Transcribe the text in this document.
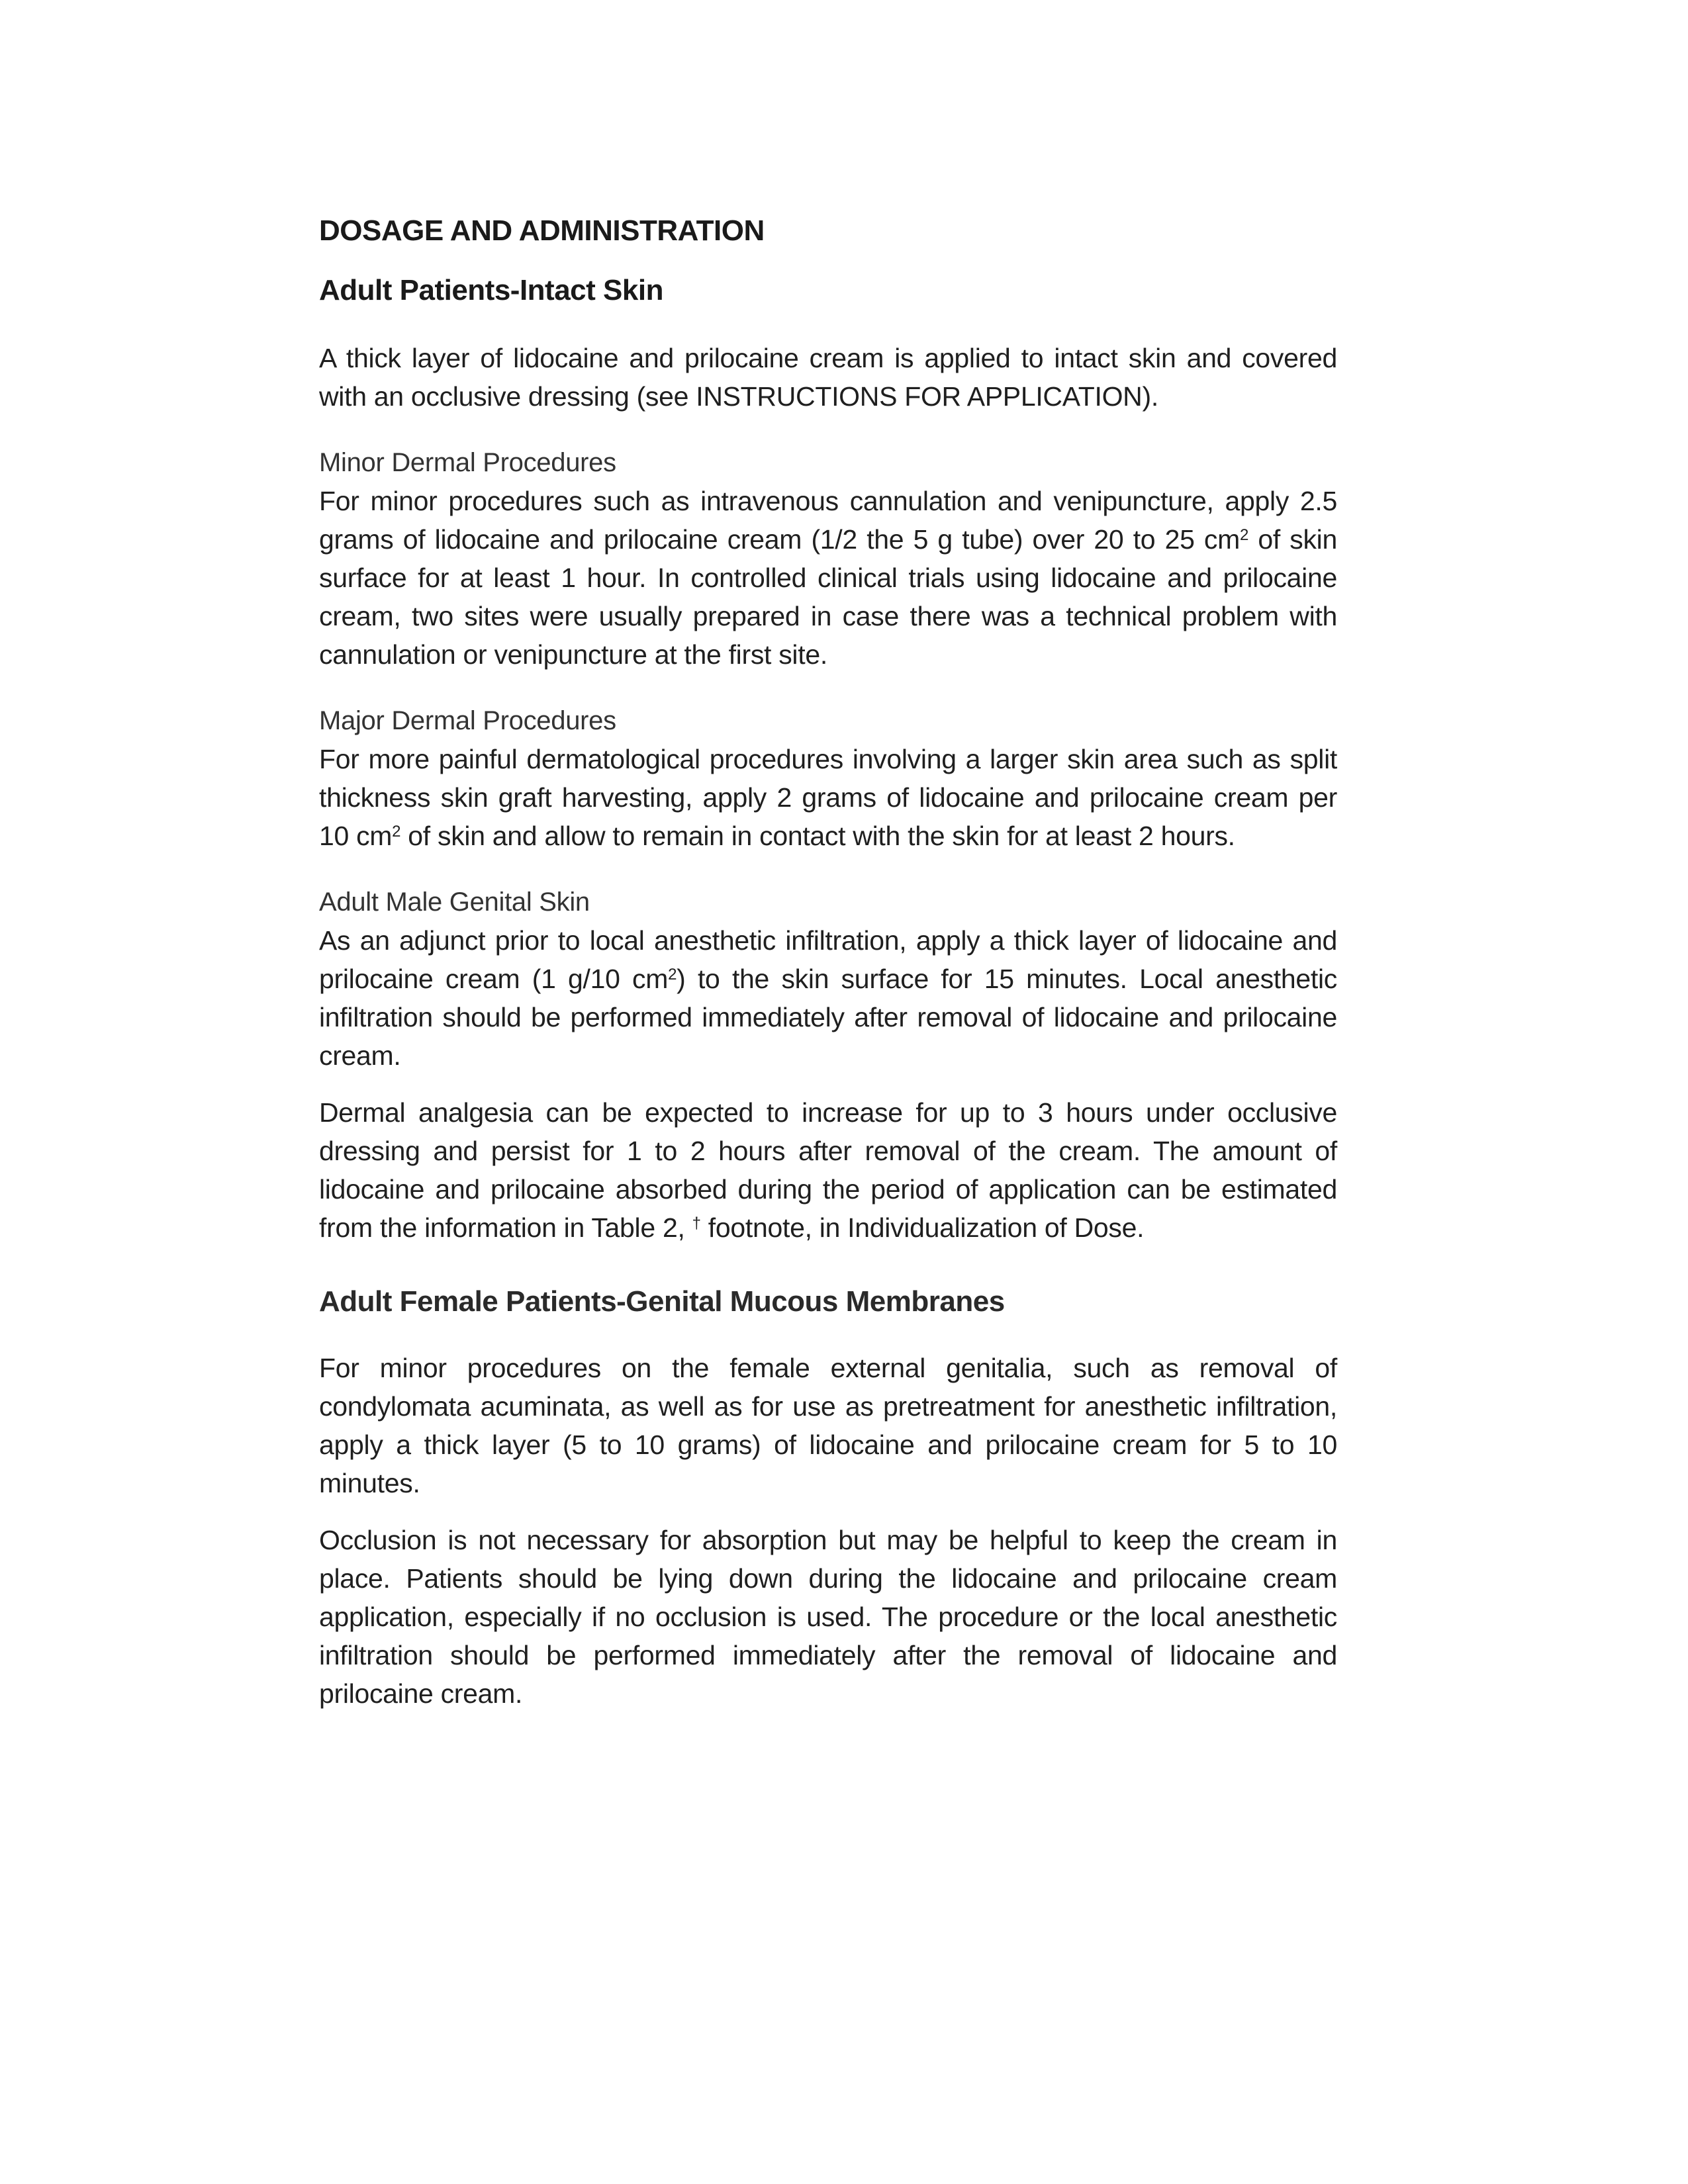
DOSAGE AND ADMINISTRATION
Adult Patients-Intact Skin

A thick layer of lidocaine and prilocaine cream is applied to intact skin and covered with an occlusive dressing (see INSTRUCTIONS FOR APPLICATION).

Minor Dermal Procedures

For minor procedures such as intravenous cannulation and venipuncture, apply 2.5 grams of lidocaine and prilocaine cream (1/2 the 5 g tube) over 20 to 25 $cm^2$ of skin surface for at least 1 hour. In controlled clinical trials using lidocaine and prilocaine cream, two sites were usually prepared in case there was a technical problem with cannulation or venipuncture at the first site.

Major Dermal Procedures

For more painful dermatological procedures involving a larger skin area such as split thickness skin graft harvesting, apply 2 grams of lidocaine and prilocaine cream per 10 $cm^2$ of skin and allow to remain in contact with the skin for at least 2 hours.

Adult Male Genital Skin

As an adjunct prior to local anesthetic infiltration, apply a thick layer of lidocaine and prilocaine cream (1 g/10 $cm^2$) to the skin surface for 15 minutes. Local anesthetic infiltration should be performed immediately after removal of lidocaine and prilocaine cream.

Dermal analgesia can be expected to increase for up to 3 hours under occlusive dressing and persist for 1 to 2 hours after removal of the cream. The amount of lidocaine and prilocaine absorbed during the period of application can be estimated from the information in Table 2, † footnote, in Individualization of Dose.

Adult Female Patients-Genital Mucous Membranes

For minor procedures on the female external genitalia, such as removal of condylomata acuminata, as well as for use as pretreatment for anesthetic infiltration, apply a thick layer (5 to 10 grams) of lidocaine and prilocaine cream for 5 to 10 minutes.

Occlusion is not necessary for absorption but may be helpful to keep the cream in place. Patients should be lying down during the lidocaine and prilocaine cream application, especially if no occlusion is used. The procedure or the local anesthetic infiltration should be performed immediately after the removal of lidocaine and prilocaine cream.
